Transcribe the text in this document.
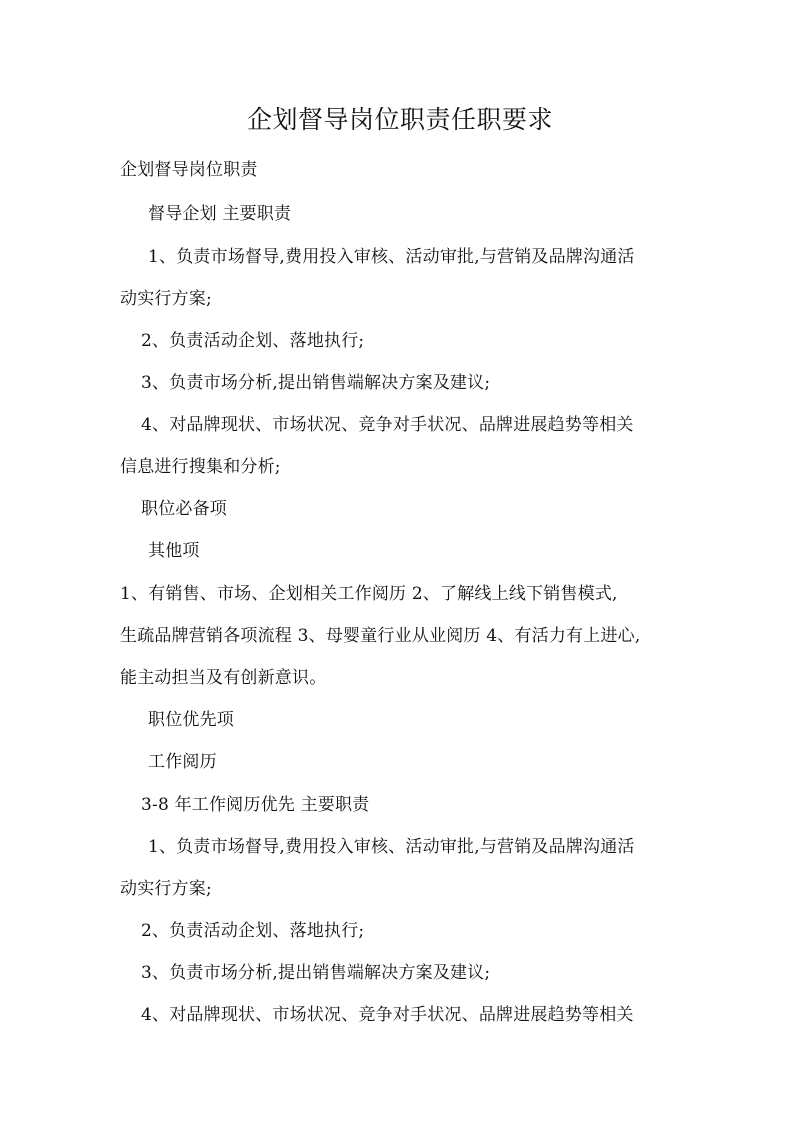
企划督导岗位职责任职要求
企划督导岗位职责
督导企划 主要职责
1、负责市场督导,费用投入审核、活动审批,与营销及品牌沟通活
动实行方案;
2、负责活动企划、落地执行;
3、负责市场分析,提出销售端解决方案及建议;
4、对品牌现状、市场状况、竞争对手状况、品牌进展趋势等相关
信息进行搜集和分析;
职位必备项
其他项
1、有销售、市场、企划相关工作阅历 2、了解线上线下销售模式,
生疏品牌营销各项流程 3、母婴童行业从业阅历 4、有活力有上进心,
能主动担当及有创新意识。
职位优先项
工作阅历
3-8 年工作阅历优先 主要职责
1、负责市场督导,费用投入审核、活动审批,与营销及品牌沟通活
动实行方案;
2、负责活动企划、落地执行;
3、负责市场分析,提出销售端解决方案及建议;
4、对品牌现状、市场状况、竞争对手状况、品牌进展趋势等相关
